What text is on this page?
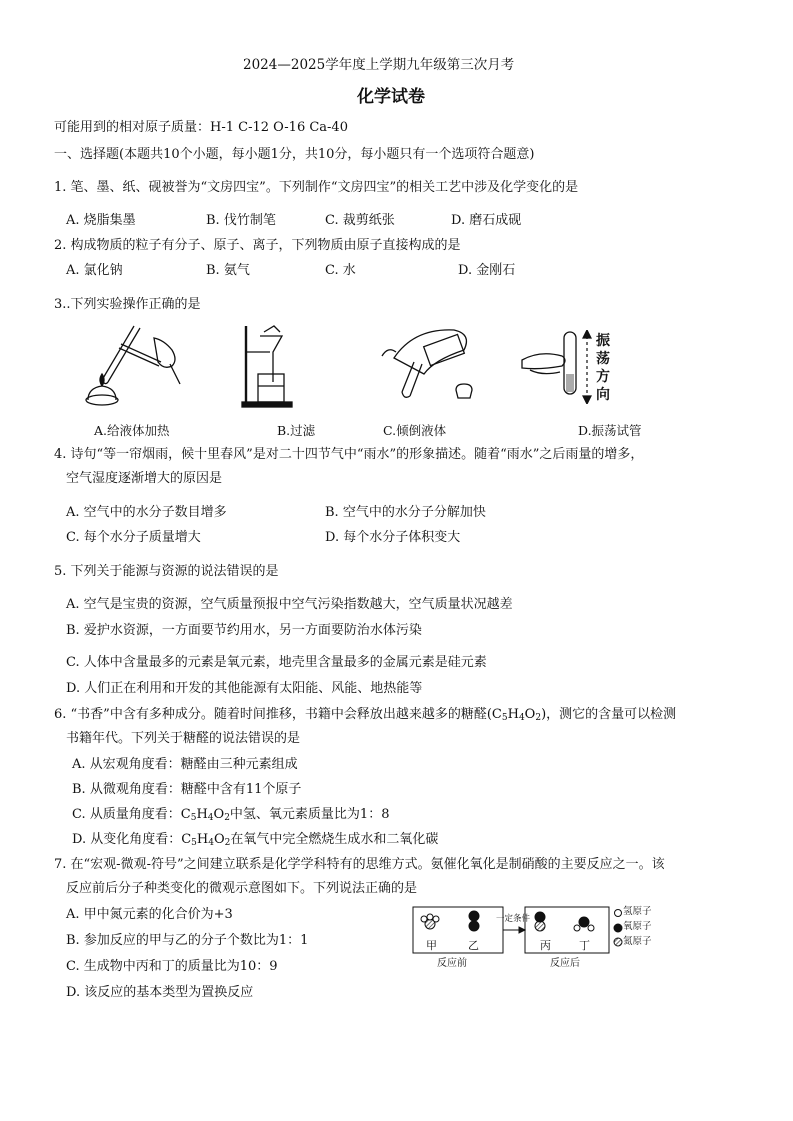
2024—2025学年度上学期九年级第三次月考
化学试卷
可能用到的相对原子质量：H-1 C-12 O-16 Ca-40
一、选择题(本题共10个小题，每小题1分，共10分，每小题只有一个选项符合题意)
1. 笔、墨、纸、砚被誉为“文房四宝”。下列制作“文房四宝”的相关工艺中涉及化学变化的是
A. 烧脂集墨	B. 伐竹制笔	C. 裁剪纸张	D. 磨石成砚
2. 构成物质的粒子有分子、原子、离子，下列物质由原子直接构成的是
A. 氯化钠	B. 氨气	C. 水	D. 金刚石
3..下列实验操作正确的是
A.给液体加热	B.过滤	C.倾倒液体
振
荡
方
向
D.振荡试管
4. 诗句“等一帘烟雨，候十里春风”是对二十四节气中“雨水”的形象描述。随着“雨水”之后雨量的增多，
空气湿度逐渐增大的原因是
A. 空气中的水分子数目增多	B. 空气中的水分子分解加快
C. 每个水分子质量增大	D. 每个水分子体积变大
5. 下列关于能源与资源的说法错误的是
A. 空气是宝贵的资源，空气质量预报中空气污染指数越大，空气质量状况越差
B. 爱护水资源，一方面要节约用水，另一方面要防治水体污染
C. 人体中含量最多的元素是氧元素，地壳里含量最多的金属元素是硅元素
D. 人们正在利用和开发的其他能源有太阳能、风能、地热能等
6. “书香”中含有多种成分。随着时间推移，书籍中会释放出越来越多的糖醛$(C_5H_4O_2)$，测它的含量可以检测
书籍年代。下列关于糖醛的说法错误的是
A. 从宏观角度看：糖醛由三种元素组成
B. 从微观角度看：糖醛中含有11个原子
C. 从质量角度看：$C_5H_4O_2$中氢、氧元素质量比为1：8
D. 从变化角度看：$C_5H_4O_2$在氧气中完全燃烧生成水和二氧化碳
7. 在“宏观-微观-符号”之间建立联系是化学学科特有的思维方式。氨催化氧化是制硝酸的主要反应之一。该
反应前后分子种类变化的微观示意图如下。下列说法正确的是
A. 甲中氮元素的化合价为+3
B. 参加反应的甲与乙的分子个数比为1：1
C. 生成物中丙和丁的质量比为10：9
D. 该反应的基本类型为置换反应
甲	乙	丙	丁
一定条件
反应前	反应后
氢原子
氧原子
氮原子
